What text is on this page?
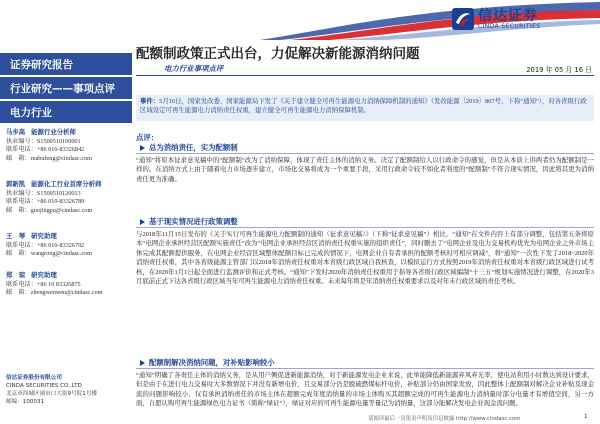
信达证券
CINDA SECURITIES
证券研究报告
行业研究——事项点评
电力行业
马步高 能源行业分析师
执业编号：S1500510100001
联系电话：+86 010-83326842
邮　箱：mabufeng@cindasc.com
郭新凯 能源化工行业首席分析师
执业编号：S1500510120013
联系电话：+86 010-83326789
邮　箱：guojingpu@cindasc.com
王　琴 研究助理
联系电话：+86 010-83326792
邮　箱：wangrong@cindasc.com
郑　琼 研究助理
联系电话：+86 10 83326875
邮　箱：zhengwenwen@cindasc.com
信达证券股份有限公司
CINDA SECURITIES CO.,LTD
北京市西城区闹市口大街9号院1号楼
邮编：100031
配额制政策正式出台，力促解决新能源消纳问题
电力行业事项点评	2019 年 05 月 16 日
事件：5月16日，国家发改委、国家能源局下发了《关于建立健全可再生能源电力消纳保障机制的通知》（发改能源〔2019〕807号，下称“通知”），对各省级行政区域设定可再生能源电力消纳责任权重，建立健全可再生能源电力消纳保障机制。
点评：
总为消纳责任，实为配额制
“通知”将原本征求意见稿中的“配额制”改为了消纳保障，体现了责任主体的消纳义务。决定了配额制给人以行政命令的感觉，但是从本质上讲两者仍为配额制是一样的。在消纳方式上由于随着电力市场逐步建立，市场化交易将成为一个重要手段，采用行政命令较不如化者利度的“配额制”不符合现实情况，因此将其更为消纳责任更为准确。
基于现实情况进行政策调整
与2018年11月15日发布的《关于实行可再生能源电力配额制的通知（征求意见稿）》（下称“征求意见稿”）相比，“通知”在文件内容上有部分调整，包括第五条将原本“电网企业承担经营区配额实施责任”改为“电网企业承担经营区消纳责任权重实施的组织责任”，同时删去了“电网企业及电力交易机构优先为电网企业之外市场主体完成其配额提供服务，在电网企业经营区域整体配额目标已完成的情况下，电网企业自有者承担的配额考核时可相应调减”，将“通知”一次性下发了2018~2020年消纳责任权重，其中各省级能源主管部门以2018年消纳责任权重对本省级行政区域自我核查，以模拟运行方式按照2019年消纳责任权重对本省级行政区域进行试考核，在2020年1月1日起全面进行监测评价和正式考核。“通知”下发时2020年消纳责任权重用于指导各省级行政区域编制“十三五”规划实施情况进行调整，在2020年3月底前正式下达各省级行政区域当年可再生能源电力消纳责任权重。未来每年将是年消纳责任权重要求以及对年末行政区域的责任考核。
配额制解决消纳问题，对补贴影响较小
“通知”明确了各责任主体的消纳义务，是从用户侧促进新能源消纳，对于新能源发电企业来说，此举能降低新能源弃风弃光率，使电站利用小时数达到设计要求，但是由于在进行电力交易时大多数情况下并没有新增电价，且交易部分仍是脱硫燃煤标杆电价，补贴部分仍由国家发放，因此整体上配额制对解决企业补贴及现金流的问题影响较小，仅有承担消纳责任的市场主体在超额完成年度消纳量的市场主体购买其超额完成的可再生能源电力消纳量时部分电量才有增值空间，另一方面，自愿认购可再生能源绿色电力证书（简称“绿证”），绿证对应的可再生能源电量等量记为消纳量，这部分能解决发电企业现金流问题。
请阅读最后一页免责声明及信息披露 http://www.cindasc.com	1
